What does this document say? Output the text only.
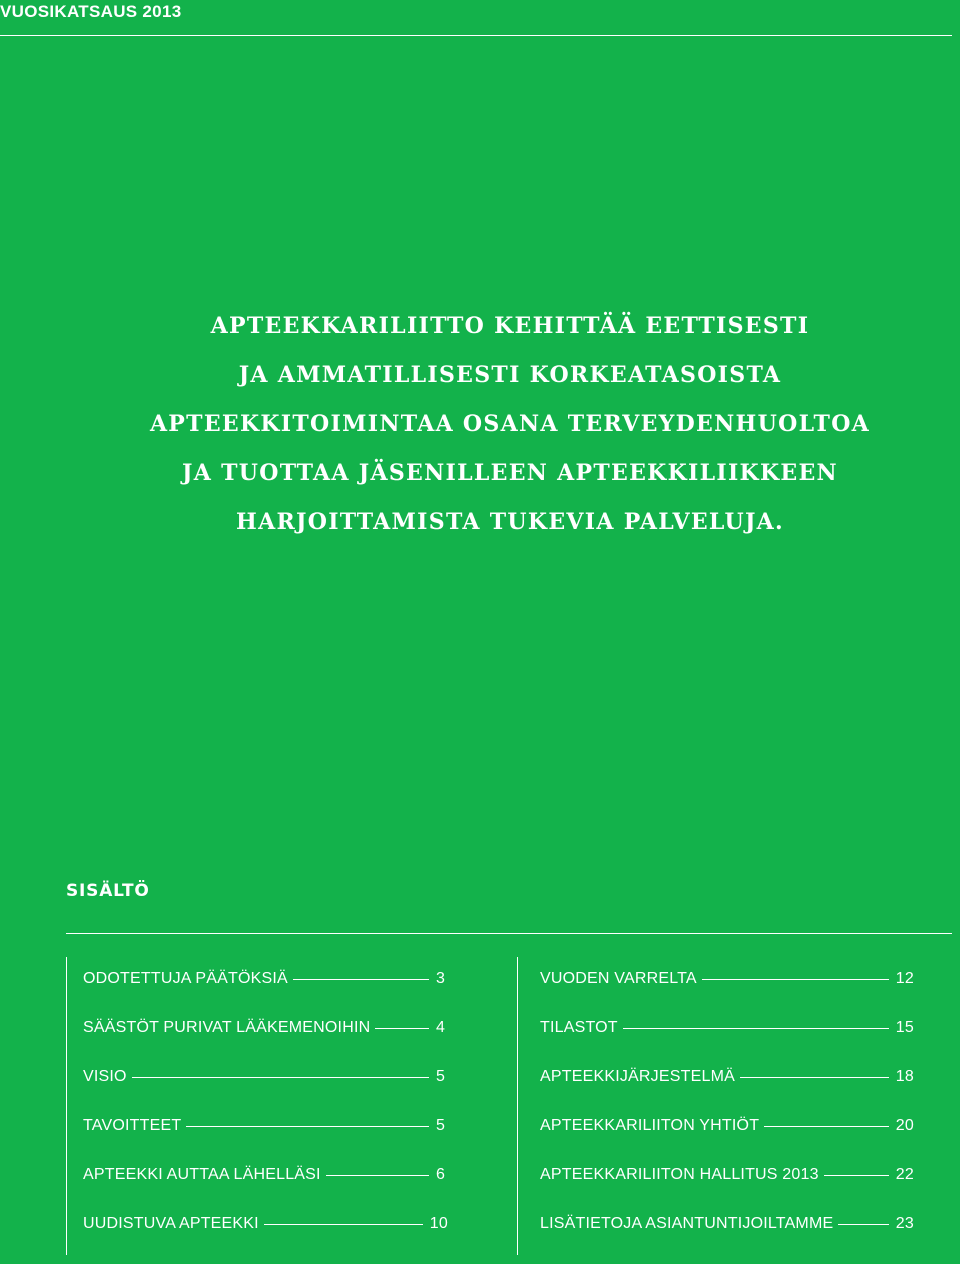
VUOSIKATSAUS 2013
APTEEKKARILIITTO KEHITTÄÄ EETTISESTI
JA AMMATILLISESTI KORKEATASOISTA
APTEEKKITOIMINTAA OSANA TERVEYDENHUOLTOA
JA TUOTTAA JÄSENILLEEN APTEEKKILIIKKEEN
HARJOITTAMISTA TUKEVIA PALVELUJA.
SISÄLTÖ
ODOTETTUJA PÄÄTÖKSIÄ	3
SÄÄSTÖT PURIVAT LÄÄKEMENOIHIN	4
VISIO	5
TAVOITTEET	5
APTEEKKI AUTTAA LÄHELLÄSI	6
UUDISTUVA APTEEKKI	10
VUODEN VARRELTA	12
TILASTOT	15
APTEEKKIJÄRJESTELMÄ	18
APTEEKKARILIITON YHTIÖT	20
APTEEKKARILIITON HALLITUS 2013	22
LISÄTIETOJA ASIANTUNTIJOILTAMME	23
